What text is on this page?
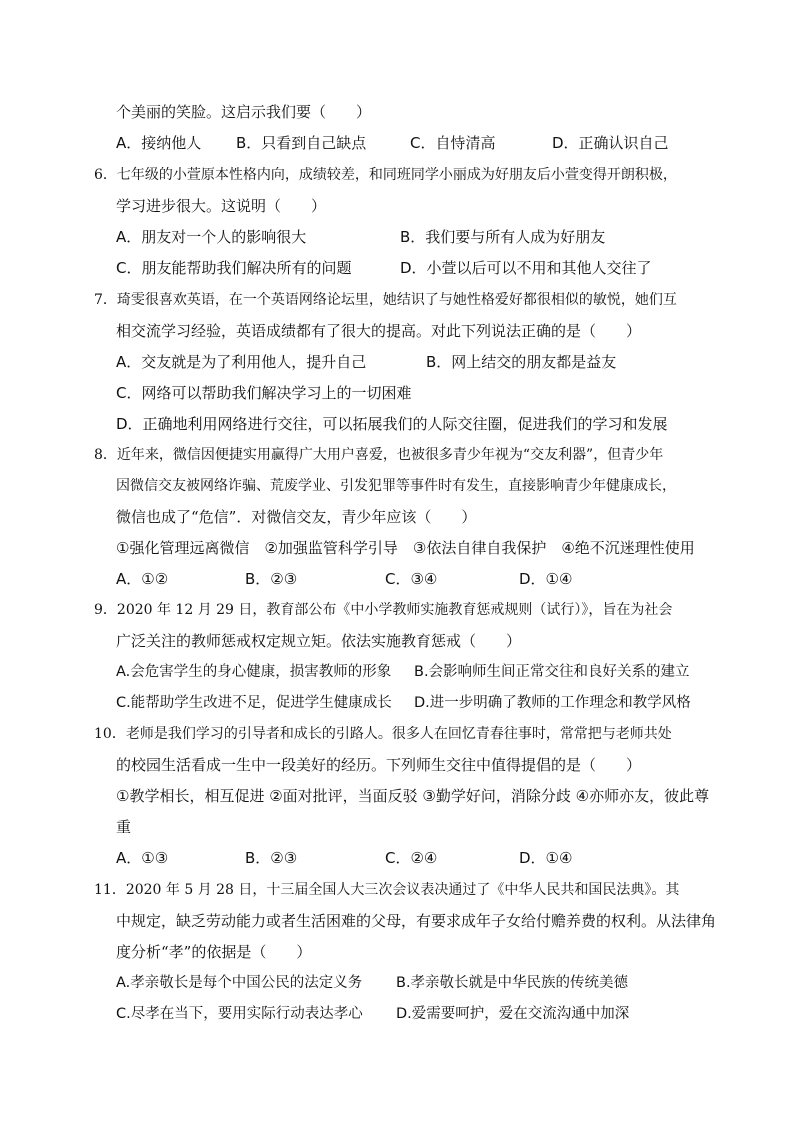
个美丽的笑脸。这启示我们要（　　）
A．接纳他人 B．只看到自己缺点	C．自恃清高	D．正确认识自己
6．七年级的小萱原本性格内向，成绩较差，和同班同学小丽成为好朋友后小萱变得开朗积极，
学习进步很大。这说明（　　）
A．朋友对一个人的影响很大	B．我们要与所有人成为好朋友
C．朋友能帮助我们解决所有的问题	D．小萱以后可以不用和其他人交往了
7．琦雯很喜欢英语，在一个英语网络论坛里，她结识了与她性格爱好都很相似的敏悦，她们互
相交流学习经验，英语成绩都有了很大的提高。对此下列说法正确的是（　　）
A．交友就是为了利用他人，提升自己	B．网上结交的朋友都是益友
C．网络可以帮助我们解决学习上的一切困难
D．正确地利用网络进行交往，可以拓展我们的人际交往圈，促进我们的学习和发展
8．近年来，微信因便捷实用赢得广大用户喜爱，也被很多青少年视为“交友利器”，但青少年
因微信交友被网络诈骗、荒废学业、引发犯罪等事件时有发生，直接影响青少年健康成长，
微信也成了“危信”．对微信交友，青少年应该（　　）
①强化管理远离微信　②加强监管科学引导　③依法自律自我保护　④绝不沉迷理性使用
A．①②	B．②③	C．③④	D．①④
9．2020 年 12 月 29 日，教育部公布《中小学教师实施教育惩戒规则（试行）》，旨在为社会
广泛关注的教师惩戒权定规立矩。依法实施教育惩戒（　　）
A.会危害学生的身心健康，损害教师的形象 B.会影响师生间正常交往和良好关系的建立
C.能帮助学生改进不足，促进学生健康成长 D.进一步明确了教师的工作理念和教学风格
10．老师是我们学习的引导者和成长的引路人。很多人在回忆青春往事时，常常把与老师共处
的校园生活看成一生中一段美好的经历。下列师生交往中值得提倡的是（　　）
①教学相长，相互促进 ②面对批评，当面反驳 ③勤学好问，消除分歧 ④亦师亦友，彼此尊
重
A．①③	B．②③	C．②④	D．①④
11．2020 年 5 月 28 日，十三届全国人大三次会议表决通过了《中华人民共和国民法典》。其
中规定，缺乏劳动能力或者生活困难的父母，有要求成年子女给付赡养费的权利。从法律角
度分析“孝”的依据是（　　）
A.孝亲敬长是每个中国公民的法定义务 B.孝亲敬长就是中华民族的传统美德
C.尽孝在当下，要用实际行动表达孝心 D.爱需要呵护，爱在交流沟通中加深
